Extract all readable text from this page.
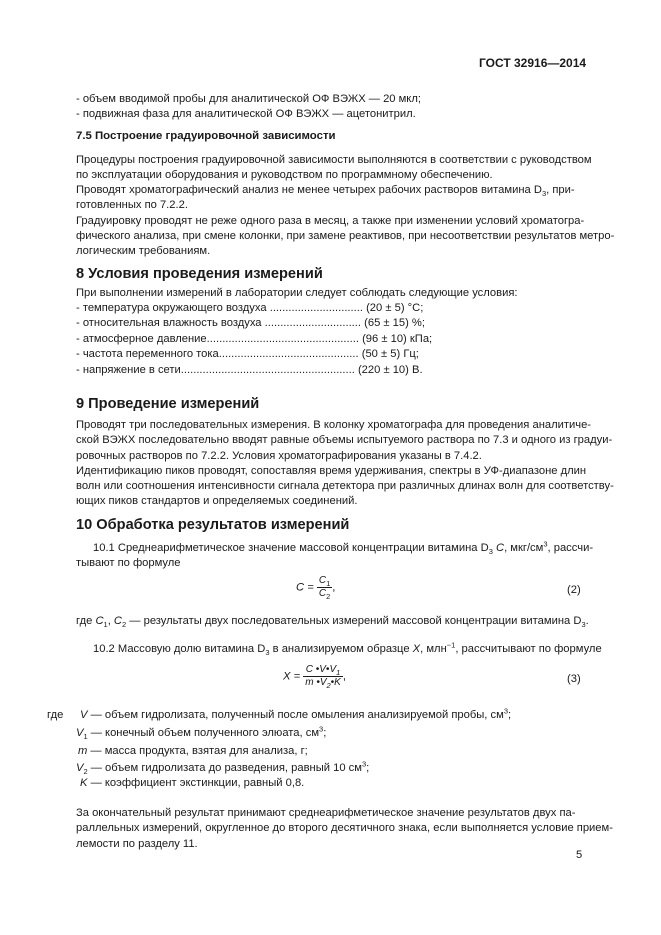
ГОСТ 32916—2014
- объем вводимой пробы для аналитической ОФ ВЭЖХ — 20 мкл;
- подвижная фаза для аналитической ОФ ВЭЖХ — ацетонитрил.
7.5 Построение градуировочной зависимости
Процедуры построения градуировочной зависимости выполняются в соответствии с руководством
по эксплуатации оборудования и руководством по программному обеспечению.
Проводят хроматографический анализ не менее четырех рабочих растворов витамина $D_3$, при-
готовленных по 7.2.2.
Градуировку проводят не реже одного раза в месяц, а также при изменении условий хроматогра-
фического анализа, при смене колонки, при замене реактивов, при несоответствии результатов метро-
логическим требованиям.
8 Условия проведения измерений
При выполнении измерений в лаборатории следует соблюдать следующие условия:
- температура окружающего воздуха .............................. (20 ± 5) °С;
- относительная влажность воздуха ............................... (65 ± 15) %;
- атмосферное давление................................................. (96 ± 10) кПа;
- частота переменного тока............................................. (50 ± 5) Гц;
- напряжение в сети........................................................ (220 ± 10) В.
9 Проведение измерений
Проводят три последовательных измерения. В колонку хроматографа для проведения аналитиче-
ской ВЭЖХ последовательно вводят равные объемы испытуемого раствора по 7.3 и одного из градуи-
ровочных растворов по 7.2.2. Условия хроматографирования указаны в 7.4.2.
Идентификацию пиков проводят, сопоставляя время удерживания, спектры в УФ-диапазоне длин
волн или соотношения интенсивности сигнала детектора при различных длинах волн для соответству-
ющих пиков стандартов и определяемых соединений.
10 Обработка результатов измерений
10.1 Среднеарифметическое значение массовой концентрации витамина $D_3$ С, мкг/$см^3$, рассчи-
тывают по формуле
$С = \frac{С_1}{С_2}$ ,	(2)
где $С_1$, $С_2$ — результаты двух последовательных измерений массовой концентрации витамина $D_3$.
10.2 Массовую долю витамина $D_3$ в анализируемом образце X, млн$^{-1}$, рассчитывают по формуле
$X = \frac{С •V•V_1}{m •V_2•K}$ ,	(3)
где V — объем гидролизата, полученный после омыления анализируемой пробы, $см^3$;
$V_1$ — конечный объем полученного элюата, $см^3$;
m — масса продукта, взятая для анализа, г;
$V_2$ — объем гидролизата до разведения, равный 10 $см^3$;
K — коэффициент экстинкции, равный 0,8.
За окончательный результат принимают среднеарифметическое значение результатов двух па-
раллельных измерений, округленное до второго десятичного знака, если выполняется условие прием-
лемости по разделу 11.
5
